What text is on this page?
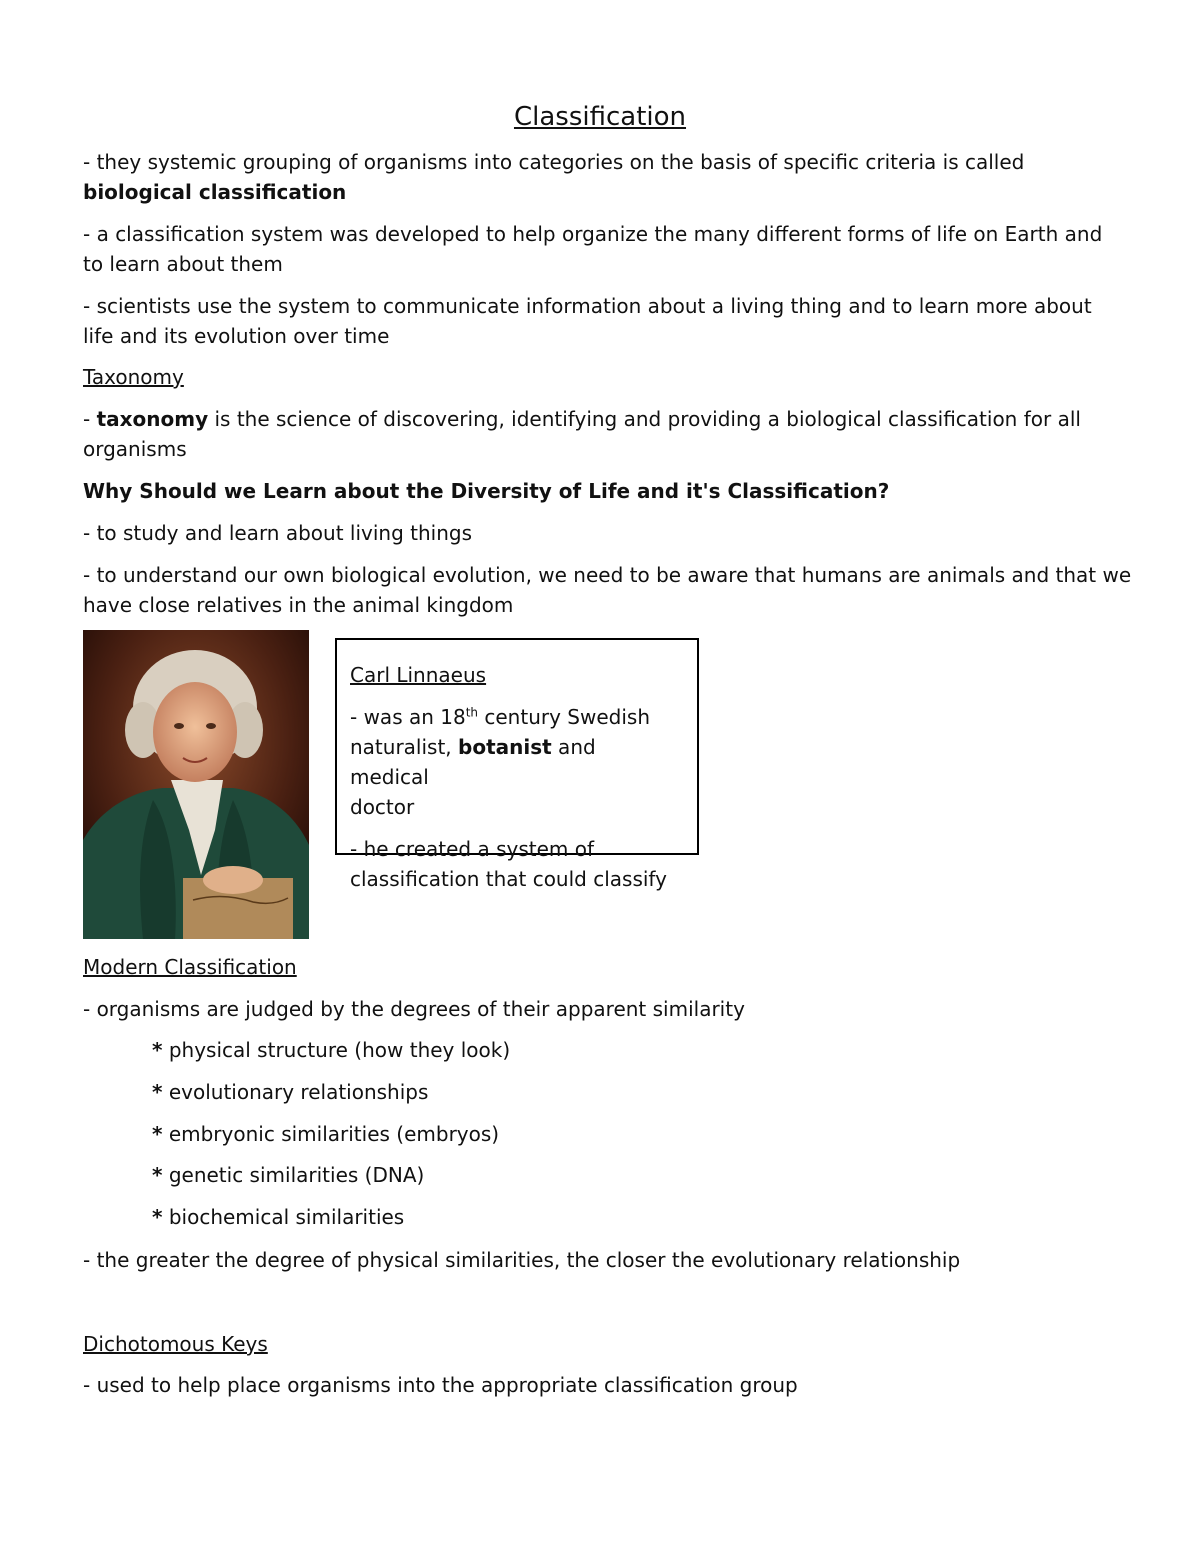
Classification
- they systemic grouping of organisms into categories on the basis of specific criteria is called
biological classification
- a classification system was developed to help organize the many different forms of life on Earth and
to learn about them
- scientists use the system to communicate information about a living thing and to learn more about
life and its evolution over time
Taxonomy
- taxonomy is the science of discovering, identifying and providing a biological classification for all
organisms
Why Should we Learn about the Diversity of Life and it's Classification?
- to study and learn about living things
- to understand our own biological evolution, we need to be aware that humans are animals and that we
have close relatives in the animal kingdom

Carl Linnaeus

- was an 18th century Swedish
naturalist, botanist and medical
doctor

- he created a system of
classification that could classify

Modern Classification
- organisms are judged by the degrees of their apparent similarity
* physical structure (how they look)
* evolutionary relationships
* embryonic similarities (embryos)
* genetic similarities (DNA)
* biochemical similarities
- the greater the degree of physical similarities, the closer the evolutionary relationship
Dichotomous Keys
- used to help place organisms into the appropriate classification group
